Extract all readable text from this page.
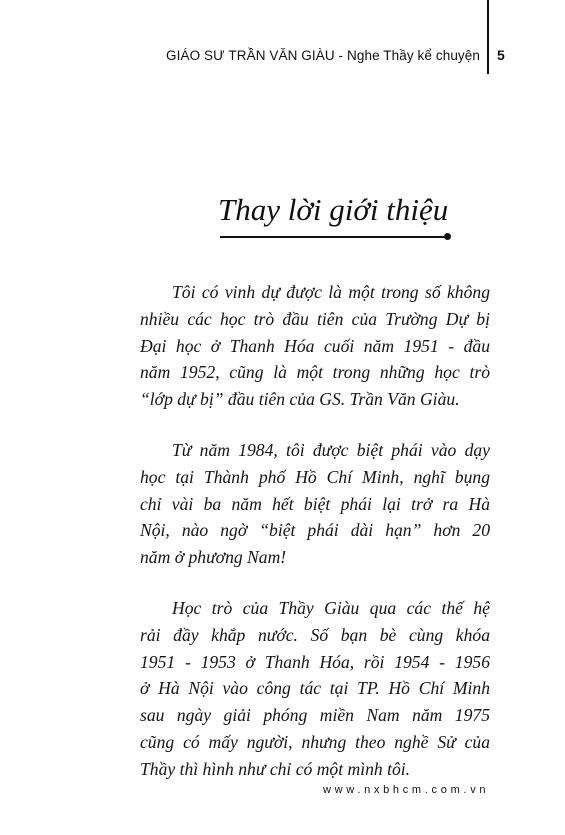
GIÁO SƯ TRẦN VĂN GIÀU - Nghe Thầy kể chuyện 5
Thay lời giới thiệu

Tôi có vinh dự được là một trong số không
nhiều các học trò đầu tiên của Trường Dự bị
Đại học ở Thanh Hóa cuối năm 1951 - đầu
năm 1952, cũng là một trong những học trò
“lớp dự bị” đầu tiên của GS. Trần Văn Giàu.

Từ năm 1984, tôi được biệt phái vào dạy
học tại Thành phố Hồ Chí Minh, nghĩ bụng
chỉ vài ba năm hết biệt phái lại trở ra Hà
Nội, nào ngờ “biệt phái dài hạn” hơn 20
năm ở phương Nam!

Học trò của Thầy Giàu qua các thế hệ
rải đầy khắp nước. Số bạn bè cùng khóa
1951 - 1953 ở Thanh Hóa, rồi 1954 - 1956
ở Hà Nội vào công tác tại TP. Hồ Chí Minh
sau ngày giải phóng miền Nam năm 1975
cũng có mấy người, nhưng theo nghề Sử của
Thầy thì hình như chỉ có một mình tôi.

www.nxbhcm.com.vn
